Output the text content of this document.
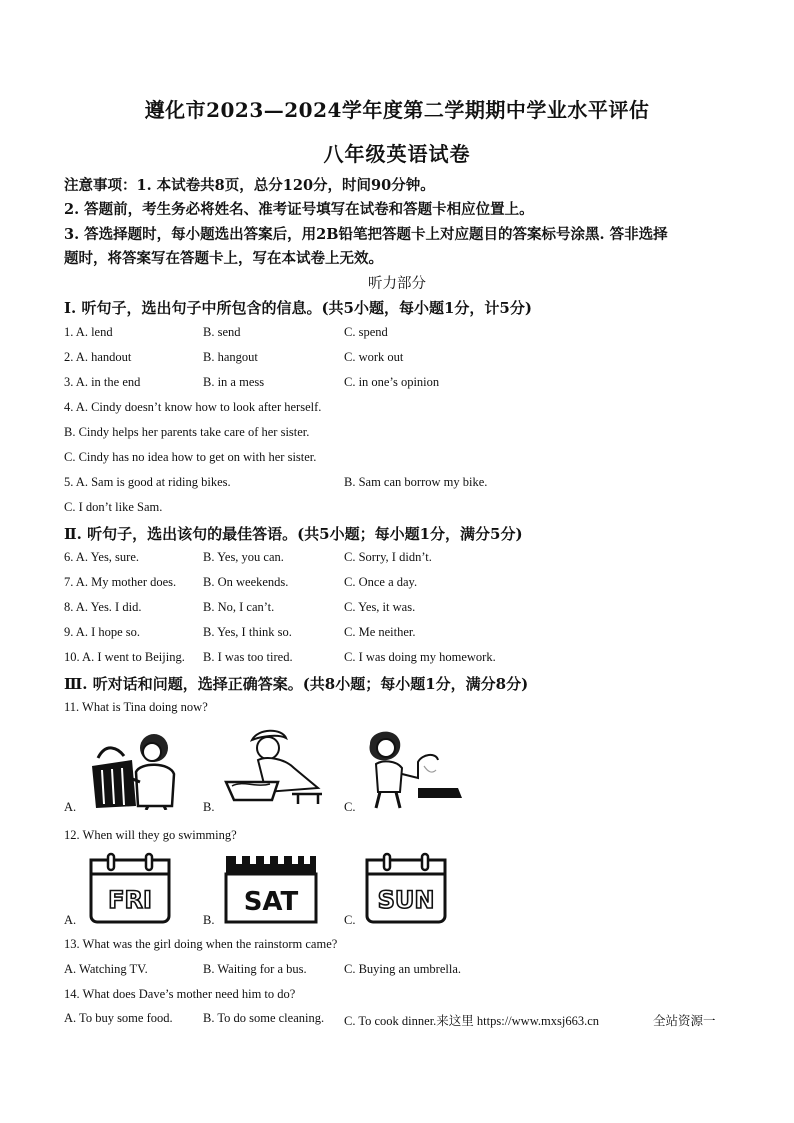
遵化市2023—2024学年度第二学期期中学业水平评估
八年级英语试卷
注意事项：1. 本试卷共8页，总分120分，时间90分钟。
2. 答题前，考生务必将姓名、准考证号填写在试卷和答题卡相应位置上。
3. 答选择题时，每小题选出答案后，用2B铅笔把答题卡上对应题目的答案标号涂黑. 答非选择
题时，将答案写在答题卡上，写在本试卷上无效。
听力部分
Ⅰ. 听句子，选出句子中所包含的信息。(共5小题，每小题1分，计5分)
1. A. lend	B. send	C. spend
2. A. handout	B. hangout	C. work out
3. A. in the end	B. in a mess	C. in one’s opinion
4. A. Cindy doesn’t know how to look after herself.
B. Cindy helps her parents take care of her sister.
C. Cindy has no idea how to get on with her sister.
5. A. Sam is good at riding bikes.	B. Sam can borrow my bike.
C. I don’t like Sam.
Ⅱ. 听句子，选出该句的最佳答语。(共5小题；每小题1分，满分5分)
6. A. Yes, sure.	B. Yes, you can.	C. Sorry, I didn’t.
7. A. My mother does. B. On weekends.	C. Once a day.
8. A. Yes. I did.	B. No, I can’t.	C. Yes, it was.
9. A. I hope so.	B. Yes, I think so.	C. Me neither.
10. A. I went to Beijing. B. I was too tired.	C. I was doing my homework.
Ⅲ. 听对话和问题，选择正确答案。(共8小题；每小题1分，满分8分)
11. What is Tina doing now?
A.	B.	C.
12. When will they go swimming?
FRI
A.
SAT
B.
SUN
C.
13. What was the girl doing when the rainstorm came?
A. Watching TV.	B. Waiting for a bus.	C. Buying an umbrella.
14. What does Dave’s mother need him to do?
A. To buy some food. B. To do some cleaning. C. To cook dinner.来这里 https://www.mxsj663.cn	全站资源一
